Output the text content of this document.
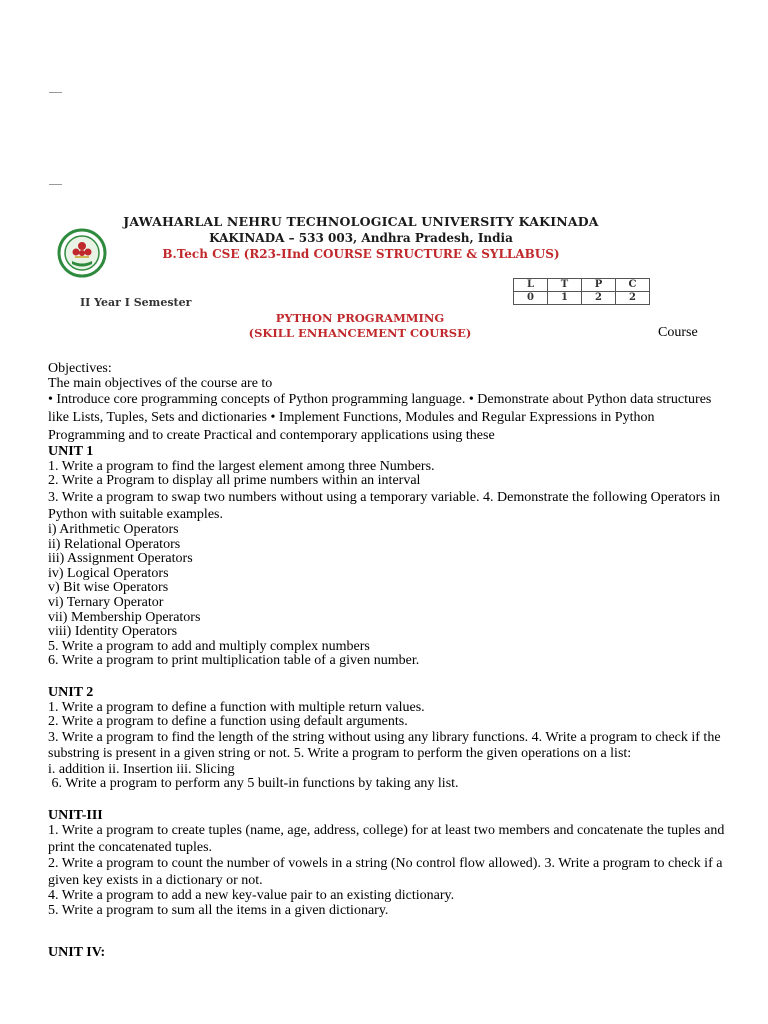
JAWAHARLAL NEHRU TECHNOLOGICAL UNIVERSITY KAKINADA
KAKINADA – 533 003, Andhra Pradesh, India
B.Tech CSE (R23-IInd COURSE STRUCTURE & SYLLABUS)
II Year I Semester
L	T	P	C
0	1	2	2
PYTHON PROGRAMMING
(SKILL ENHANCEMENT COURSE)	Course
Objectives:
The main objectives of the course are to
• Introduce core programming concepts of Python programming language. • Demonstrate about Python data structures like Lists, Tuples, Sets and dictionaries • Implement Functions, Modules and Regular Expressions in Python Programming and to create Practical and contemporary applications using these
UNIT 1
1. Write a program to find the largest element among three Numbers.
2. Write a Program to display all prime numbers within an interval
3. Write a program to swap two numbers without using a temporary variable. 4. Demonstrate the following Operators in Python with suitable examples.
i) Arithmetic Operators
ii) Relational Operators
iii) Assignment Operators
iv) Logical Operators
v) Bit wise Operators
vi) Ternary Operator
vii) Membership Operators
viii) Identity Operators
5. Write a program to add and multiply complex numbers
6. Write a program to print multiplication table of a given number.
UNIT 2
1. Write a program to define a function with multiple return values.
2. Write a program to define a function using default arguments.
3. Write a program to find the length of the string without using any library functions. 4. Write a program to check if the substring is present in a given string or not. 5. Write a program to perform the given operations on a list:
i. addition ii. Insertion iii. Slicing
6. Write a program to perform any 5 built-in functions by taking any list.
UNIT-III
1. Write a program to create tuples (name, age, address, college) for at least two members and concatenate the tuples and print the concatenated tuples.
2. Write a program to count the number of vowels in a string (No control flow allowed). 3. Write a program to check if a given key exists in a dictionary or not.
4. Write a program to add a new key-value pair to an existing dictionary.
5. Write a program to sum all the items in a given dictionary.
UNIT IV:
